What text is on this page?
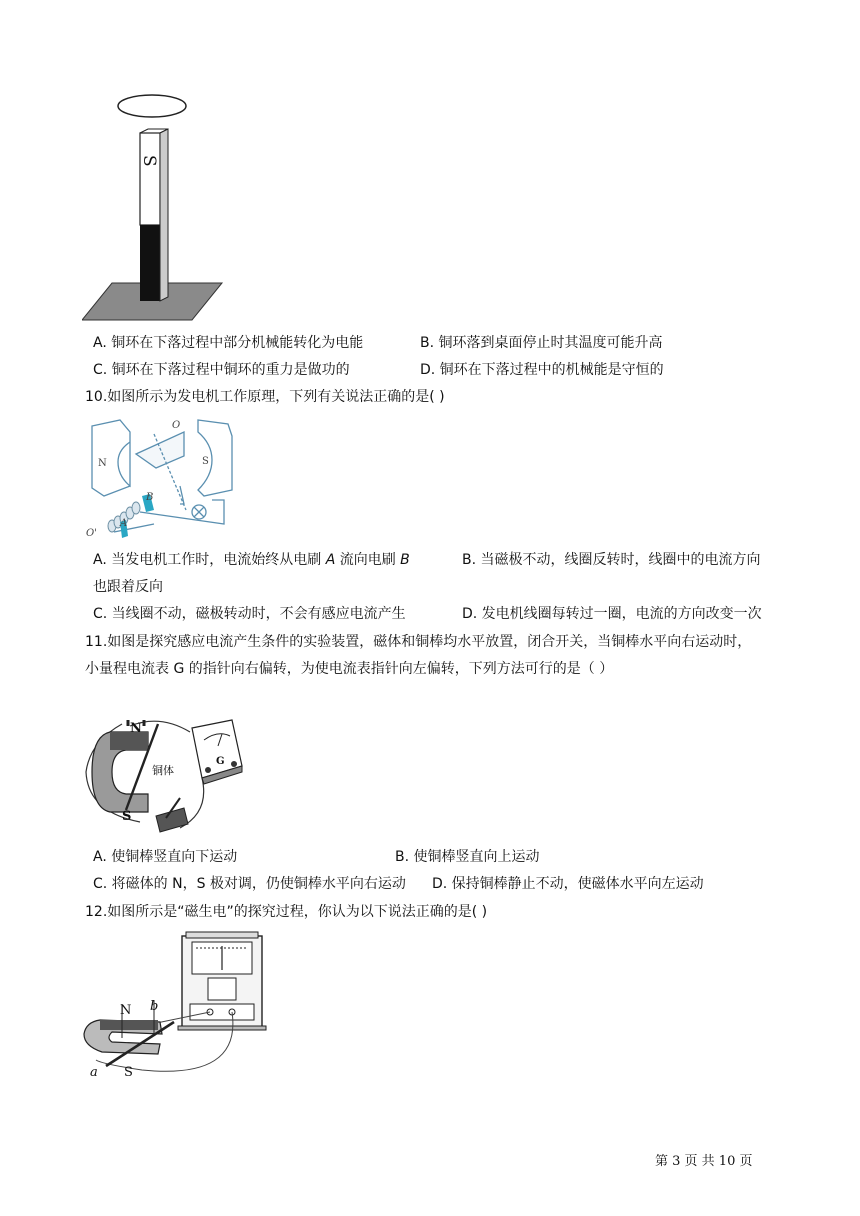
S
A. 铜环在下落过程中部分机械能转化为电能	B. 铜环落到桌面停止时其温度可能升高
C. 铜环在下落过程中铜环的重力是做功的	D. 铜环在下落过程中的机械能是守恒的
10.如图所示为发电机工作原理，下列有关说法正确的是( )
N	S
O
O'
B
A
A. 当发电机工作时，电流始终从电刷 A 流向电刷 B	B. 当磁极不动，线圈反转时，线圈中的电流方向
也跟着反向
C. 当线圈不动，磁极转动时，不会有感应电流产生	D. 发电机线圈每转过一圈，电流的方向改变一次
11.如图是探究感应电流产生条件的实验装置，磁体和铜棒均水平放置，闭合开关，当铜棒水平向右运动时，
小量程电流表 G 的指针向右偏转，为使电流表指针向左偏转，下列方法可行的是（ ）
N
S
铜体
G
A. 使铜棒竖直向下运动	B. 使铜棒竖直向上运动
C. 将磁体的 N，S 极对调，仍使铜棒水平向右运动 D. 保持铜棒静止不动，使磁体水平向左运动
12.如图所示是“磁生电”的探究过程，你认为以下说法正确的是( )
N b
a S
第 3 页 共 10 页
